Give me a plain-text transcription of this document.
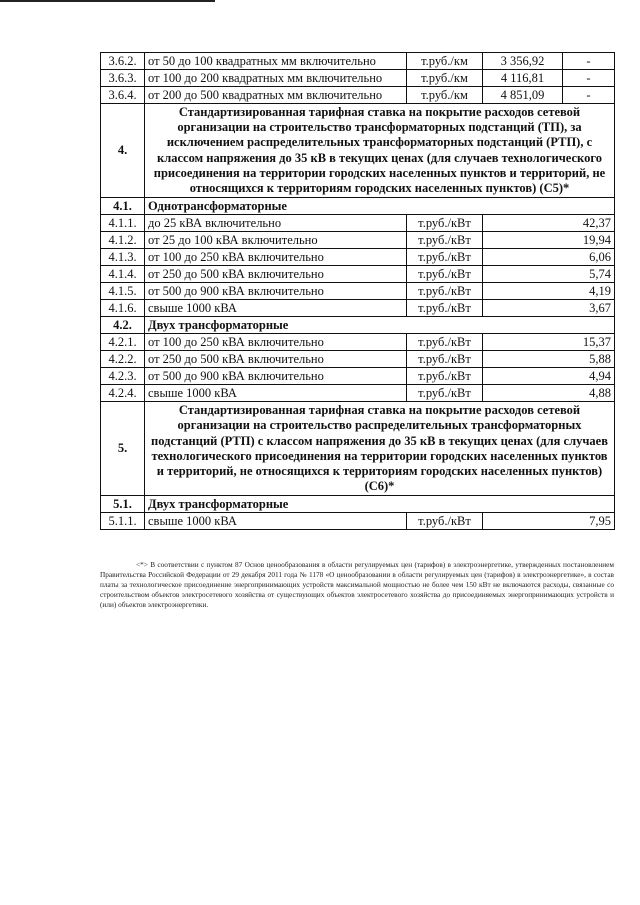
3.6.2.	от 50 до 100 квадратных мм включительно	т.руб./км	3 356,92	-
3.6.3.	от 100 до 200 квадратных мм включительно	т.руб./км	4 116,81	-
3.6.4.	от 200 до 500 квадратных мм включительно	т.руб./км	4 851,09	-
4.	Стандартизированная тарифная ставка на покрытие расходов сетевой организации на строительство трансформаторных подстанций (ТП), за исключением распределительных трансформаторных подстанций (РТП), с классом напряжения до 35 кВ в текущих ценах (для случаев технологического присоединения на территории городских населенных пунктов и территорий, не относящихся к территориям городских населенных пунктов) (С5)*			
4.1.	Однотрансформаторные			
4.1.1.	до 25 кВА включительно	т.руб./кВт	42,37	
4.1.2.	от 25 до 100 кВА включительно	т.руб./кВт	19,94	
4.1.3.	от 100 до 250 кВА включительно	т.руб./кВт	6,06	
4.1.4.	от 250 до 500 кВА включительно	т.руб./кВт	5,74	
4.1.5.	от 500 до 900 кВА включительно	т.руб./кВт	4,19	
4.1.6.	свыше 1000 кВА	т.руб./кВт	3,67	
4.2.	Двух трансформаторные			
4.2.1.	от 100 до 250 кВА включительно	т.руб./кВт	15,37	
4.2.2.	от 250 до 500 кВА включительно	т.руб./кВт	5,88	
4.2.3.	от 500 до 900 кВА включительно	т.руб./кВт	4,94	
4.2.4.	свыше 1000 кВА	т.руб./кВт	4,88	
5.	Стандартизированная тарифная ставка на покрытие расходов сетевой организации на строительство распределительных трансформаторных подстанций (РТП) с классом напряжения до 35 кВ в текущих ценах (для случаев технологического присоединения на территории городских населенных пунктов и территорий, не относящихся к территориям городских населенных пунктов) (С6)*			
5.1.	Двух трансформаторные			
5.1.1.	свыше 1000 кВА	т.руб./кВт	7,95	

<*> В соответствии с пунктом 87 Основ ценообразования в области регулируемых цен (тарифов) в электроэнергетике, утвержденных постановлением Правительства Российской Федерации от 29 декабря 2011 года № 1178 «О ценообразовании в области регулируемых цен (тарифов) в электроэнергетике», в состав платы за технологическое присоединение энергопринимающих устройств максимальной мощностью не более чем 150 кВт не включаются расходы, связанные со строительством объектов электросетевого хозяйства от существующих объектов электросетевого хозяйства до присоединяемых энергопринимающих устройств и (или) объектов электроэнергетики.
